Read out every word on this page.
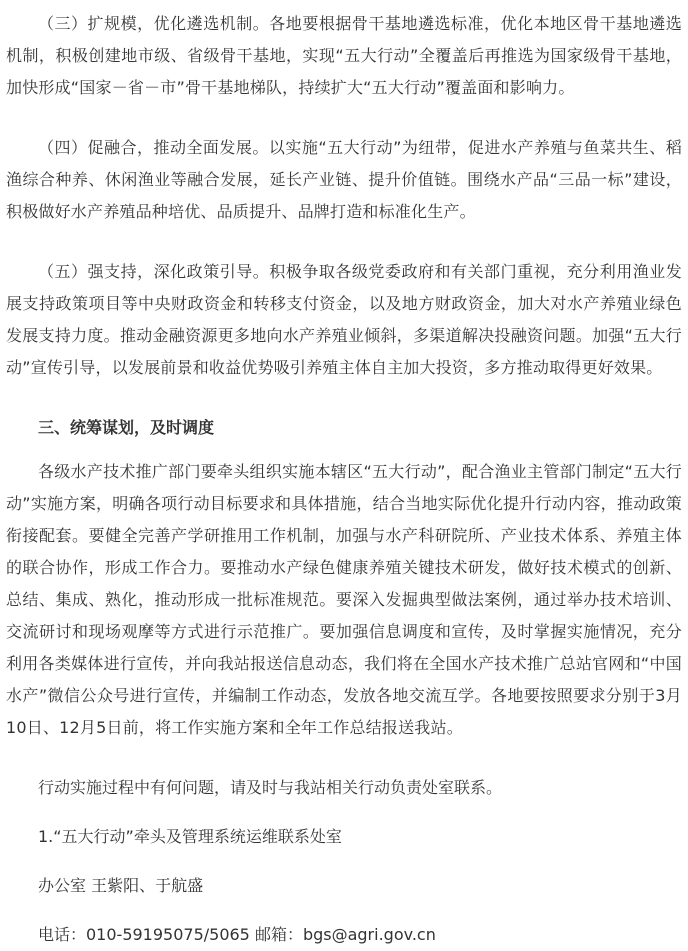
（三）扩规模，优化遴选机制。各地要根据骨干基地遴选标准，优化本地区骨干基地遴选机制，积极创建地市级、省级骨干基地，实现“五大行动”全覆盖后再推选为国家级骨干基地，加快形成“国家－省－市”骨干基地梯队，持续扩大“五大行动”覆盖面和影响力。

（四）促融合，推动全面发展。以实施“五大行动”为纽带，促进水产养殖与鱼菜共生、稻渔综合种养、休闲渔业等融合发展，延长产业链、提升价值链。围绕水产品“三品一标”建设，积极做好水产养殖品种培优、品质提升、品牌打造和标准化生产。

（五）强支持，深化政策引导。积极争取各级党委政府和有关部门重视，充分利用渔业发展支持政策项目等中央财政资金和转移支付资金，以及地方财政资金，加大对水产养殖业绿色发展支持力度。推动金融资源更多地向水产养殖业倾斜，多渠道解决投融资问题。加强“五大行动”宣传引导，以发展前景和收益优势吸引养殖主体自主加大投资，多方推动取得更好效果。

三、统筹谋划，及时调度

各级水产技术推广部门要牵头组织实施本辖区“五大行动”，配合渔业主管部门制定“五大行动”实施方案，明确各项行动目标要求和具体措施，结合当地实际优化提升行动内容，推动政策衔接配套。要健全完善产学研推用工作机制，加强与水产科研院所、产业技术体系、养殖主体的联合协作，形成工作合力。要推动水产绿色健康养殖关键技术研发，做好技术模式的创新、总结、集成、熟化，推动形成一批标准规范。要深入发掘典型做法案例，通过举办技术培训、交流研讨和现场观摩等方式进行示范推广。要加强信息调度和宣传，及时掌握实施情况，充分利用各类媒体进行宣传，并向我站报送信息动态，我们将在全国水产技术推广总站官网和“中国水产”微信公众号进行宣传，并编制工作动态，发放各地交流互学。各地要按照要求分别于3月10日、12月5日前，将工作实施方案和全年工作总结报送我站。

行动实施过程中有何问题，请及时与我站相关行动负责处室联系。

1.“五大行动”牵头及管理系统运维联系处室

办公室 王紫阳、于航盛

电话：010-59195075/5065 邮箱：bgs@agri.gov.cn
